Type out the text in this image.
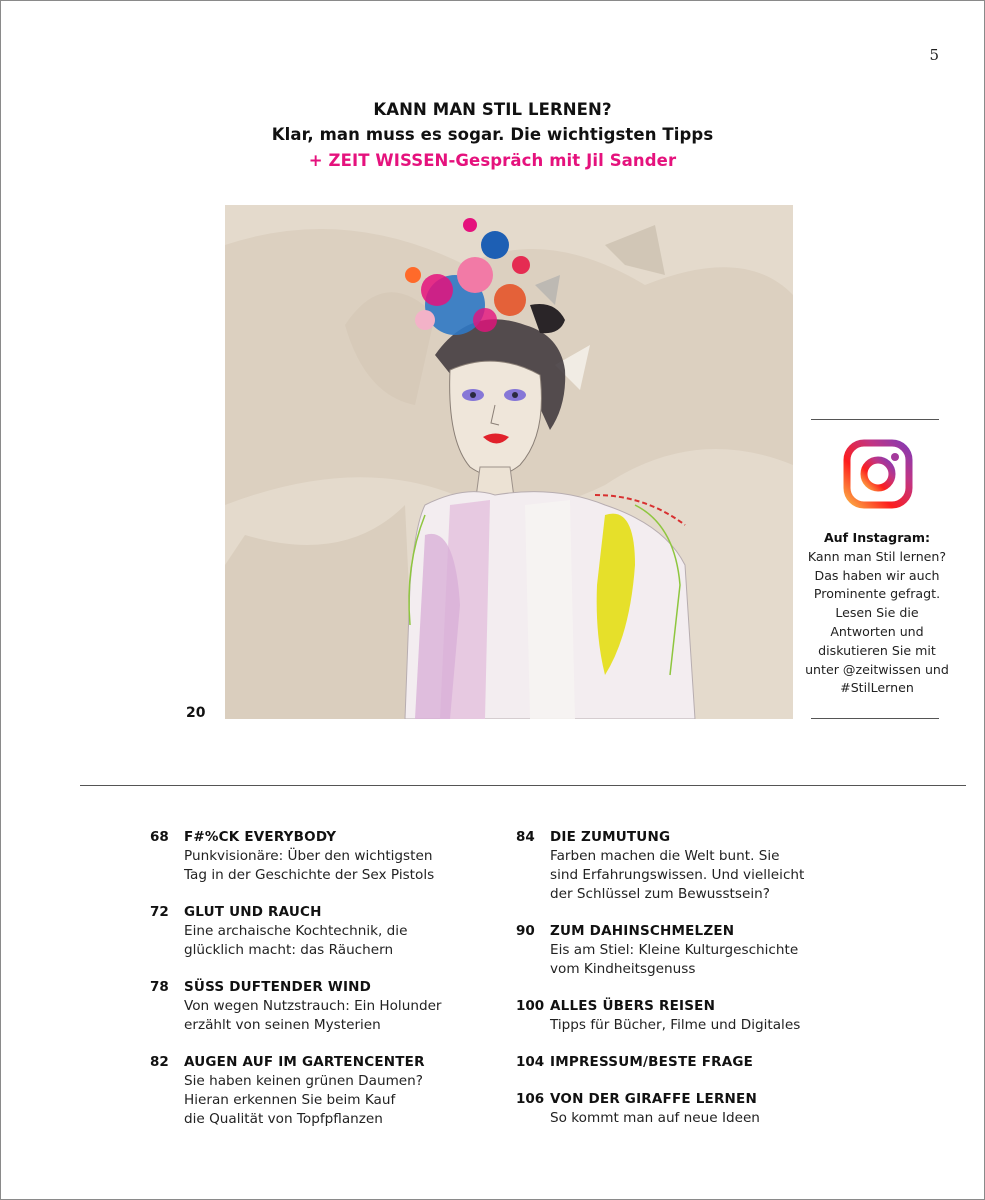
5
KANN MAN STIL LERNEN?
Klar, man muss es sogar. Die wichtigsten Tipps
+ ZEIT WISSEN-Gespräch mit Jil Sander
20
Auf Instagram:
Kann man Stil lernen?
Das haben wir auch
Prominente gefragt.
Lesen Sie die
Antworten und
diskutieren Sie mit
unter @zeitwissen und
#StilLernen
68 F#%CK EVERYBODY
Punkvisionäre: Über den wichtigsten
Tag in der Geschichte der Sex Pistols
72 GLUT UND RAUCH
Eine archaische Kochtechnik, die
glücklich macht: das Räuchern
78 SÜSS DUFTENDER WIND
Von wegen Nutzstrauch: Ein Holunder
erzählt von seinen Mysterien
82 AUGEN AUF IM GARTENCENTER
Sie haben keinen grünen Daumen?
Hieran erkennen Sie beim Kauf
die Qualität von Topfpflanzen
84 DIE ZUMUTUNG
Farben machen die Welt bunt. Sie
sind Erfahrungswissen. Und vielleicht
der Schlüssel zum Bewusstsein?
90 ZUM DAHINSCHMELZEN
Eis am Stiel: Kleine Kulturgeschichte
vom Kindheitsgenuss
100 ALLES ÜBERS REISEN
Tipps für Bücher, Filme und Digitales
104 IMPRESSUM/BESTE FRAGE
106 VON DER GIRAFFE LERNEN
So kommt man auf neue Ideen
